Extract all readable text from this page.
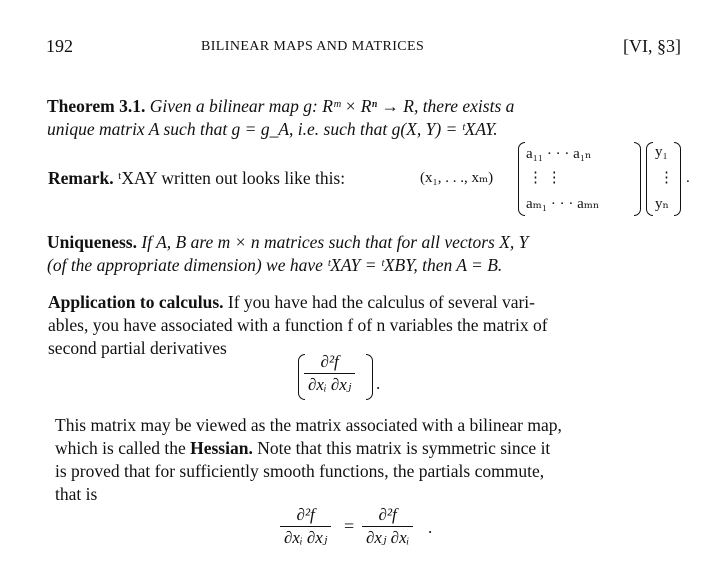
192	BILINEAR MAPS AND MATRICES	[VI, §3]
Theorem 3.1. Given a bilinear map g: Rᵐ × Rⁿ → R, there exists a
unique matrix A such that g = g_A, i.e. such that g(X, Y) = ᵗXAY.
Remark. ᵗXAY written out looks like this:	(x₁, . . ., xₘ)
a₁₁ · · · a₁ₙ
⋮ ⋮
aₘ₁ · · · aₘₙ
y₁
⋮
yₙ
.
Uniqueness. If A, B are m × n matrices such that for all vectors X, Y
(of the appropriate dimension) we have ᵗXAY = ᵗXBY, then A = B.
Application to calculus. If you have had the calculus of several vari-
ables, you have associated with a function f of n variables the matrix of
second partial derivatives
∂²f
∂xᵢ ∂xⱼ .
This matrix may be viewed as the matrix associated with a bilinear map,
which is called the Hessian. Note that this matrix is symmetric since it
is proved that for sufficiently smooth functions, the partials commute,
that is
∂²f
∂xᵢ ∂xⱼ
=
∂²f
∂xⱼ ∂xᵢ
.
